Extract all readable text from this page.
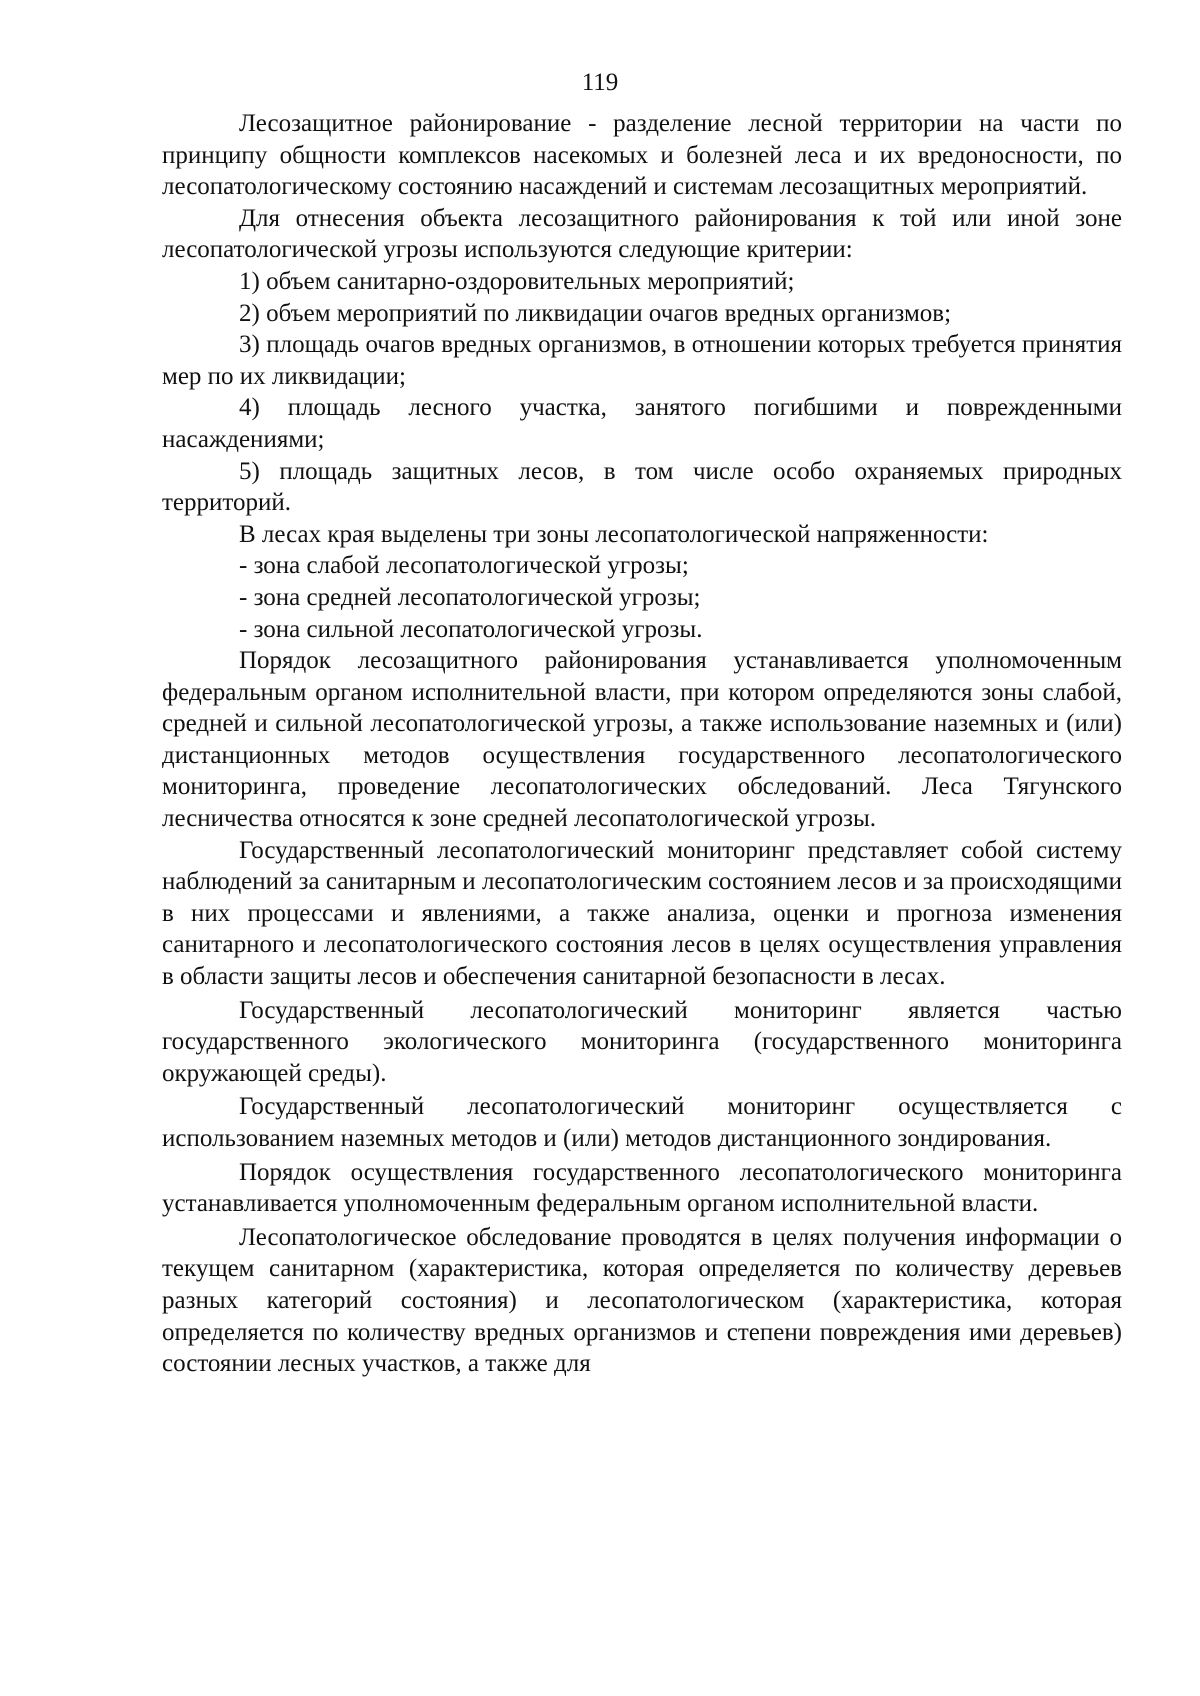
119

Лесозащитное районирование - разделение лесной территории на части по принципу общности комплексов насекомых и болезней леса и их вредоносности, по лесопатологическому состоянию насаждений и системам лесозащитных мероприятий.

Для отнесения объекта лесозащитного районирования к той или иной зоне лесопатологической угрозы используются следующие критерии:

1) объем санитарно-оздоровительных мероприятий;

2) объем мероприятий по ликвидации очагов вредных организмов;

3) площадь очагов вредных организмов, в отношении которых требуется принятия мер по их ликвидации;

4) площадь лесного участка, занятого погибшими и поврежденными насаждениями;

5) площадь защитных лесов, в том числе особо охраняемых природных территорий.

В лесах края выделены три зоны лесопатологической напряженности:

- зона слабой лесопатологической угрозы;

- зона средней лесопатологической угрозы;

- зона сильной лесопатологической угрозы.

Порядок лесозащитного районирования устанавливается уполномоченным федеральным органом исполнительной власти, при котором определяются зоны слабой, средней и сильной лесопатологической угрозы, а также использование наземных и (или) дистанционных методов осуществления государственного лесопатологического мониторинга, проведение лесопатологических обследований. Леса Тягунского лесничества относятся к зоне средней лесопатологической угрозы.

Государственный лесопатологический мониторинг представляет собой систему наблюдений за санитарным и лесопатологическим состоянием лесов и за происходящими в них процессами и явлениями, а также анализа, оценки и прогноза изменения санитарного и лесопатологического состояния лесов в целях осуществления управления в области защиты лесов и обеспечения санитарной безопасности в лесах.

Государственный лесопатологический мониторинг является частью государственного экологического мониторинга (государственного мониторинга окружающей среды).

Государственный лесопатологический мониторинг осуществляется с использованием наземных методов и (или) методов дистанционного зондирования.

Порядок осуществления государственного лесопатологического мониторинга устанавливается уполномоченным федеральным органом исполнительной власти.

Лесопатологическое обследование проводятся в целях получения информации о текущем санитарном (характеристика, которая определяется по количеству деревьев разных категорий состояния) и лесопатологическом (характеристика, которая определяется по количеству вредных организмов и степени повреждения ими деревьев) состоянии лесных участков, а также для
